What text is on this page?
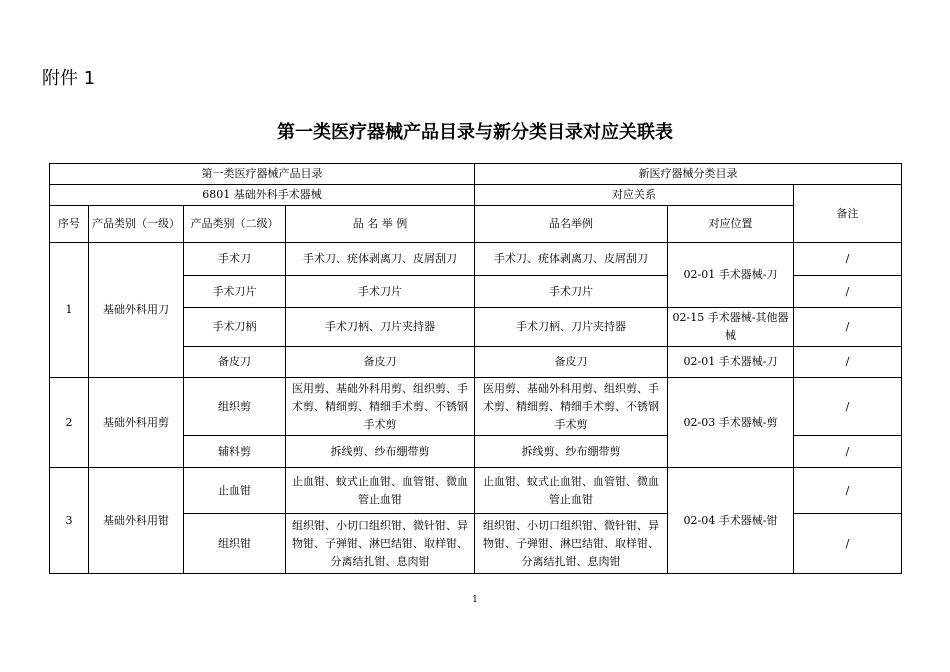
附件 1
第一类医疗器械产品目录与新分类目录对应关联表
第一类医疗器械产品目录				新医疗器械分类目录		
6801 基础外科手术器械				对应关系		备注
序号	产品类别（一级）	产品类别（二级）	品 名 举 例	品名举例	对应位置	
1	基础外科用刀	手术刀	手术刀、疣体剥离刀、皮屑刮刀	手术刀、疣体剥离刀、皮屑刮刀	02-01 手术器械-刀	/
		手术刀片	手术刀片	手术刀片		/
		手术刀柄	手术刀柄、刀片夹持器	手术刀柄、刀片夹持器	02-15 手术器械-其他器械	/
		备皮刀	备皮刀	备皮刀	02-01 手术器械-刀	/
2	基础外科用剪	组织剪	医用剪、基础外科用剪、组织剪、手术剪、精细剪、精细手术剪、不锈钢手术剪	医用剪、基础外科用剪、组织剪、手术剪、精细剪、精细手术剪、不锈钢手术剪	02-03 手术器械-剪	/
		辅料剪	拆线剪、纱布绷带剪	拆线剪、纱布绷带剪		/
3	基础外科用钳	止血钳	止血钳、蚊式止血钳、血管钳、微血管止血钳	止血钳、蚊式止血钳、血管钳、微血管止血钳	02-04 手术器械-钳	/
		组织钳	组织钳、小切口组织钳、微针钳、异物钳、子弹钳、淋巴结钳、取样钳、分离结扎钳、息肉钳	组织钳、小切口组织钳、微针钳、异物钳、子弹钳、淋巴结钳、取样钳、分离结扎钳、息肉钳		/
1
